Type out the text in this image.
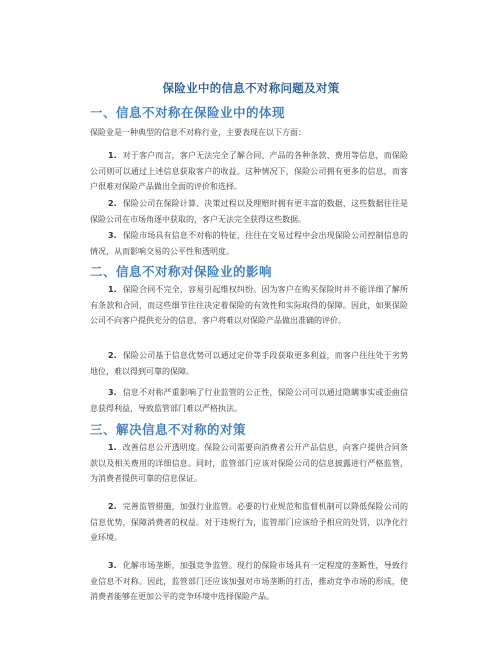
保险业中的信息不对称问题及对策
一、信息不对称在保险业中的体现
保险业是一种典型的信息不对称行业，主要表现在以下方面：
1. 对于客户而言，客户无法完全了解合同、产品的各种条款、费用等信息，而保险公司则可以通过上述信息获取客户的收益。这种情况下，保险公司拥有更多的信息，而客户很难对保险产品做出全面的评价和选择。
2. 保险公司在保险计算、决策过程以及理赔时拥有更丰富的数据，这些数据往往是保险公司在市场角逐中获取的，客户无法完全获得这些数据。
3. 保险市场具有信息不对称的特征，往往在交易过程中会出现保险公司控制信息的情况，从而影响交易的公平性和透明度。
二、信息不对称对保险业的影响
1. 保险合同不完全，容易引起维权纠纷。因为客户在购买保险时并不能详细了解所有条款和合同，而这些细节往往决定着保险的有效性和实际取得的保障。因此，如果保险公司不向客户提供充分的信息，客户将难以对保险产品做出准确的评价。
2. 保险公司基于信息优势可以通过定价等手段获取更多利益，而客户往往处于劣势地位，难以得到可靠的保障。
3. 信息不对称严重影响了行业监管的公正性，保险公司可以通过隐瞒事实或歪曲信息获得利益，导致监管部门难以严格执法。
三、解决信息不对称的对策
1. 改善信息公开透明度。保险公司需要向消费者公开产品信息，向客户提供合同条款以及相关费用的详细信息。同时，监管部门应该对保险公司的信息披露进行严格监管，为消费者提供可靠的信息保证。
2. 完善监管措施，加强行业监管。必要的行业规范和监督机制可以降低保险公司的信息优势，保障消费者的权益。对于违规行为，监管部门应该给予相应的处罚，以净化行业环境。
3. 化解市场垄断，加强竞争监管。现行的保险市场具有一定程度的垄断性，导致行业信息不对称。因此，监管部门还应该加强对市场垄断的打击，推动竞争市场的形成，使消费者能够在更加公平的竞争环境中选择保险产品。
